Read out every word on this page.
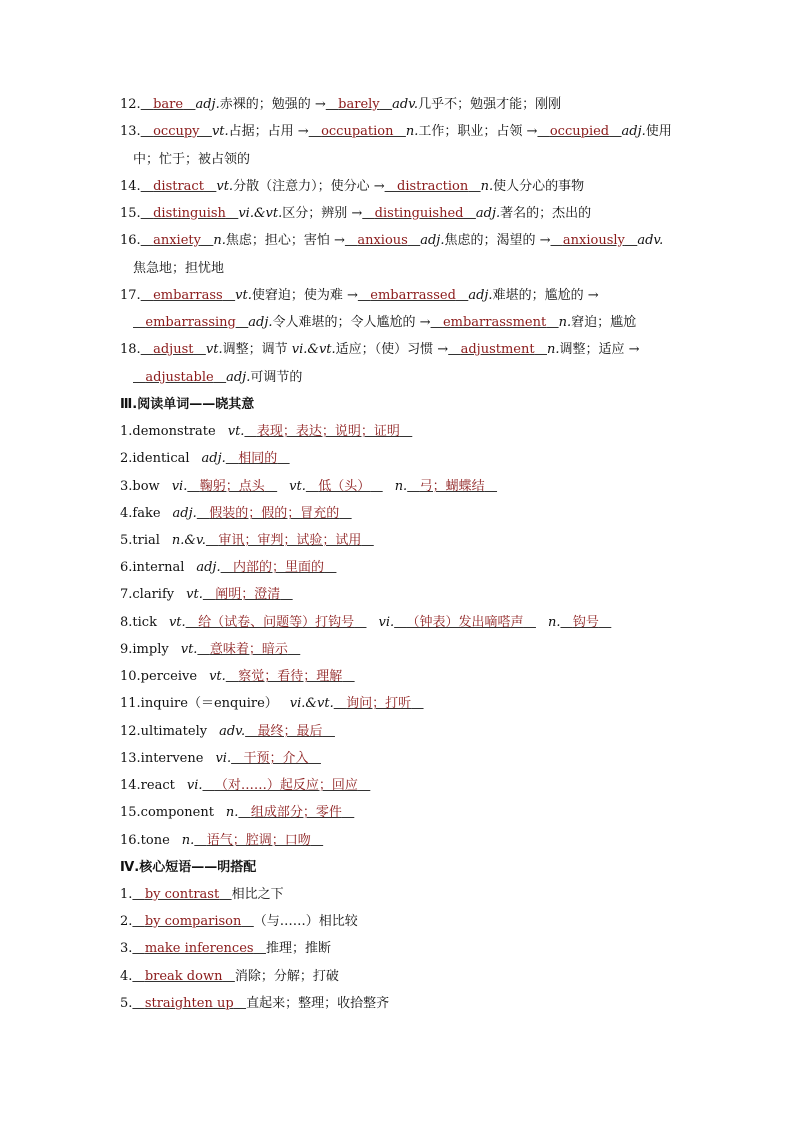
12. bare adj.赤裸的；勉强的 → barely adv.几乎不；勉强才能；刚刚
13. occupy vt.占据；占用 → occupation n.工作；职业；占领 → occupied adj.使用
中；忙于；被占领的
14. distract vt.分散（注意力）；使分心 → distraction n.使人分心的事物
15. distinguish vi.&vt.区分；辨别 → distinguished adj.著名的；杰出的
16. anxiety n.焦虑；担心；害怕 → anxious adj.焦虑的；渴望的 → anxiously adv.
焦急地；担忧地
17. embarrass vt.使窘迫；使为难 → embarrassed adj.难堪的；尴尬的 →
embarrassing adj.令人难堪的；令人尴尬的 → embarrassment n.窘迫；尴尬
18. adjust vt.调整；调节 vi.&vt.适应；（使）习惯 → adjustment n.调整；适应 →
adjustable adj.可调节的
Ⅲ.阅读单词——晓其意
1.demonstrate vt. 表现；表达；说明；证明
2.identical adj. 相同的
3.bow vi. 鞠躬；点头 vt. 低（头） n. 弓；蝴蝶结
4.fake adj. 假装的；假的；冒充的
5.trial n.&v. 审讯；审判；试验；试用
6.internal adj. 内部的；里面的
7.clarify vt. 阐明；澄清
8.tick vt. 给（试卷、问题等）打钩号 vi. （钟表）发出嘀嗒声 n. 钩号
9.imply vt. 意味着；暗示
10.perceive vt. 察觉；看待；理解
11.inquire（＝enquire） vi.&vt. 询问；打听
12.ultimately adv. 最终；最后
13.intervene vi. 干预；介入
14.react vi. （对……）起反应；回应
15.component n. 组成部分；零件
16.tone n. 语气；腔调；口吻
Ⅳ.核心短语——明搭配
1. by contrast 相比之下
2. by comparison （与……）相比较
3. make inferences 推理；推断
4. break down 消除；分解；打破
5. straighten up 直起来；整理；收拾整齐
